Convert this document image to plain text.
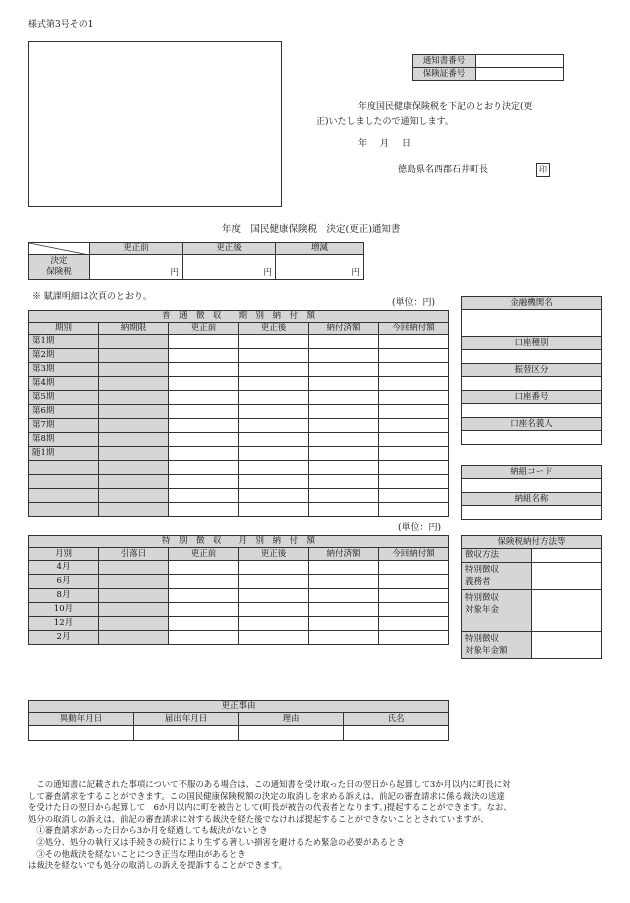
様式第3号その1
通知書番号	
保険証番号	
年度国民健康保険税を下記のとおり決定(更
正)いたしましたので通知します。
年　月　日
徳島県名西郡石井町長	印
年度　国民健康保険税　決定(更正)通知書
	更正前	更正後	増減

決定
保険税	円	円	円
※ 賦課明細は次頁のとおり。
(単位：円)
普　通　徴　収　　期　別　納　付　額					
期別	納期限	更正前	更正後	納付済額	今回納付額
第1期					
第2期					
第3期					
第4期					
第5期					
第6期					
第7期					
第8期					
随1期					

金融機関名

口座種別

振替区分

口座番号

口座名義人

納組コード

納組名称

(単位：円)
特　別　徴　収　　月　別　納　付　額					
月別	引落日	更正前	更正後	納付済額	今回納付額
4月					
6月					
8月					
10月					
12月					
2月					
保険税納付方法等	
徴収方法	

特別徴収
義務者	

特別徴収
対象年金	

特別徴収
対象年金額	

更正事由			
異動年月日	届出年月日	理由	氏名

　この通知書に記載された事項について不服のある場合は、この通知書を受け取った日の翌日から起算して3か月以内に町長に対
して審査請求をすることができます。この国民健康保険税額の決定の取消しを求める訴えは、前記の審査請求に係る裁決の送達
を受けた日の翌日から起算して　6か月以内に町を被告として(町長が被告の代表者となります。)提起することができます。なお、
処分の取消しの訴えは、前記の審査請求に対する裁決を経た後でなければ提起することができないこととされていますが、
　①審査請求があった日から3か月を経過しても裁決がないとき
　②処分、処分の執行又は手続きの続行により生ずる著しい損害を避けるため緊急の必要があるとき
　③その他裁決を経ないことにつき正当な理由があるとき
は裁決を経ないでも処分の取消しの訴えを提訴することができます。
